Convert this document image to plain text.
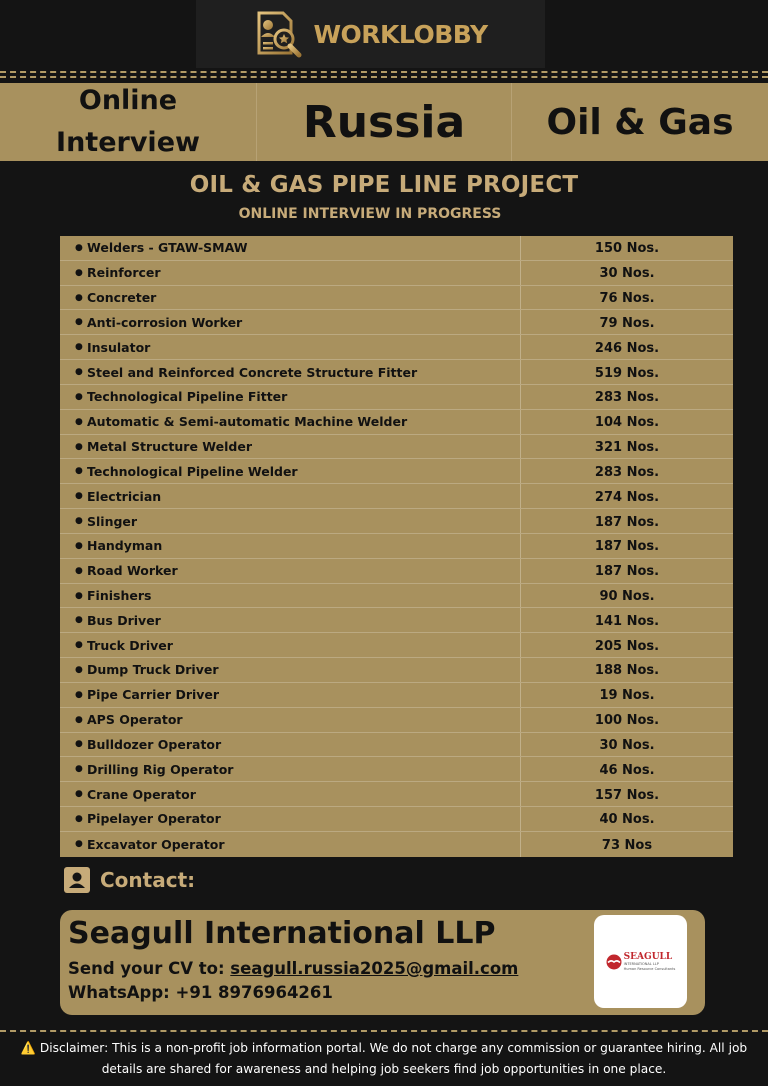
WORKLOBBY
Online
Interview	Russia	Oil & Gas
OIL & GAS PIPE LINE PROJECT
ONLINE INTERVIEW IN PROGRESS
● Welders - GTAW-SMAW	150 Nos.
● Reinforcer	30 Nos.
● Concreter	76 Nos.
● Anti-corrosion Worker	79 Nos.
● Insulator	246 Nos.
● Steel and Reinforced Concrete Structure Fitter	519 Nos.
● Technological Pipeline Fitter	283 Nos.
● Automatic & Semi-automatic Machine Welder	104 Nos.
● Metal Structure Welder	321 Nos.
● Technological Pipeline Welder	283 Nos.
● Electrician	274 Nos.
● Slinger	187 Nos.
● Handyman	187 Nos.
● Road Worker	187 Nos.
● Finishers	90 Nos.
● Bus Driver	141 Nos.
● Truck Driver	205 Nos.
● Dump Truck Driver	188 Nos.
● Pipe Carrier Driver	19 Nos.
● APS Operator	100 Nos.
● Bulldozer Operator	30 Nos.
● Drilling Rig Operator	46 Nos.
● Crane Operator	157 Nos.
● Pipelayer Operator	40 Nos.
● Excavator Operator	73 Nos
Contact:
Seagull International LLP
Send your CV to: seagull.russia2025@gmail.com
WhatsApp: +91 8976964261
SEAGULL
INTERNATIONAL LLP
Human Resource Consultants
⚠️ Disclaimer: This is a non-profit job information portal. We do not charge any commission or guarantee hiring. All job details are shared for awareness and helping job seekers find job opportunities in one place.
